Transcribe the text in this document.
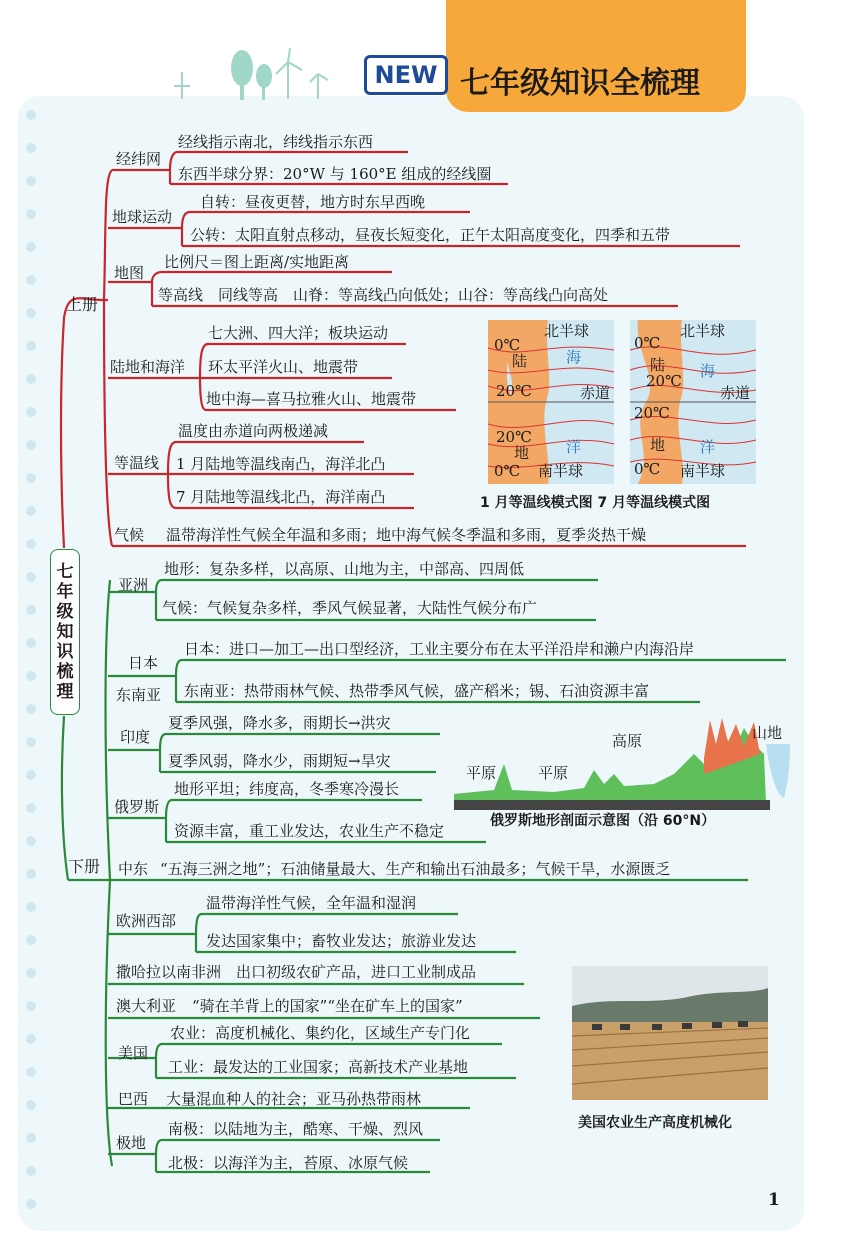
NEW 七年级知识全梳理
上册
下册
七
年
级
知
识
梳
理
经纬网
经线指示南北，纬线指示东西
东西半球分界：20°W 与 160°E 组成的经线圈
地球运动
自转：昼夜更替，地方时东早西晚
公转：太阳直射点移动，昼夜长短变化，正午太阳高度变化，四季和五带
地图
比例尺＝图上距离/实地距离
等高线　同线等高　山脊：等高线凸向低处；山谷：等高线凸向高处
陆地和海洋
七大洲、四大洋；板块运动
环太平洋火山、地震带
地中海—喜马拉雅火山、地震带
等温线
温度由赤道向两极递减
1 月陆地等温线南凸，海洋北凸
7 月陆地等温线北凸，海洋南凸
气候 温带海洋性气候全年温和多雨；地中海气候冬季温和多雨，夏季炎热干燥
北半球
0℃
陆	海
20℃	赤道
20℃
地 洋
0℃ 南半球
北半球
0℃
陆 海
20℃
赤道
20℃
地 洋
0℃ 南半球
1 月等温线模式图 7 月等温线模式图
亚洲
地形：复杂多样，以高原、山地为主，中部高、四周低
气候：气候复杂多样，季风气候显著，大陆性气候分布广
日本
日本：进口—加工—出口型经济，工业主要分布在太平洋沿岸和濑户内海沿岸
东南亚 东南亚：热带雨林气候、热带季风气候，盛产稻米；锡、石油资源丰富
印度
夏季风强，降水多，雨期长→洪灾
夏季风弱，降水少，雨期短→旱灾
俄罗斯
地形平坦；纬度高，冬季寒冷漫长
资源丰富，重工业发达，农业生产不稳定
中东 “五海三洲之地”；石油储量最大、生产和输出石油最多；气候干旱，水源匮乏
欧洲西部
温带海洋性气候，全年温和湿润
发达国家集中；畜牧业发达；旅游业发达
撒哈拉以南非洲 出口初级农矿产品，进口工业制成品
澳大利亚 “骑在羊背上的国家”“坐在矿车上的国家”
美国
农业：高度机械化、集约化，区域生产专门化
工业：最发达的工业国家；高新技术产业基地
巴西 大量混血种人的社会；亚马孙热带雨林
极地
南极：以陆地为主，酷寒、干燥、烈风
北极：以海洋为主，苔原、冰原气候
平原	平原
高原	山地
俄罗斯地形剖面示意图（沿 60°N）
美国农业生产高度机械化
1
